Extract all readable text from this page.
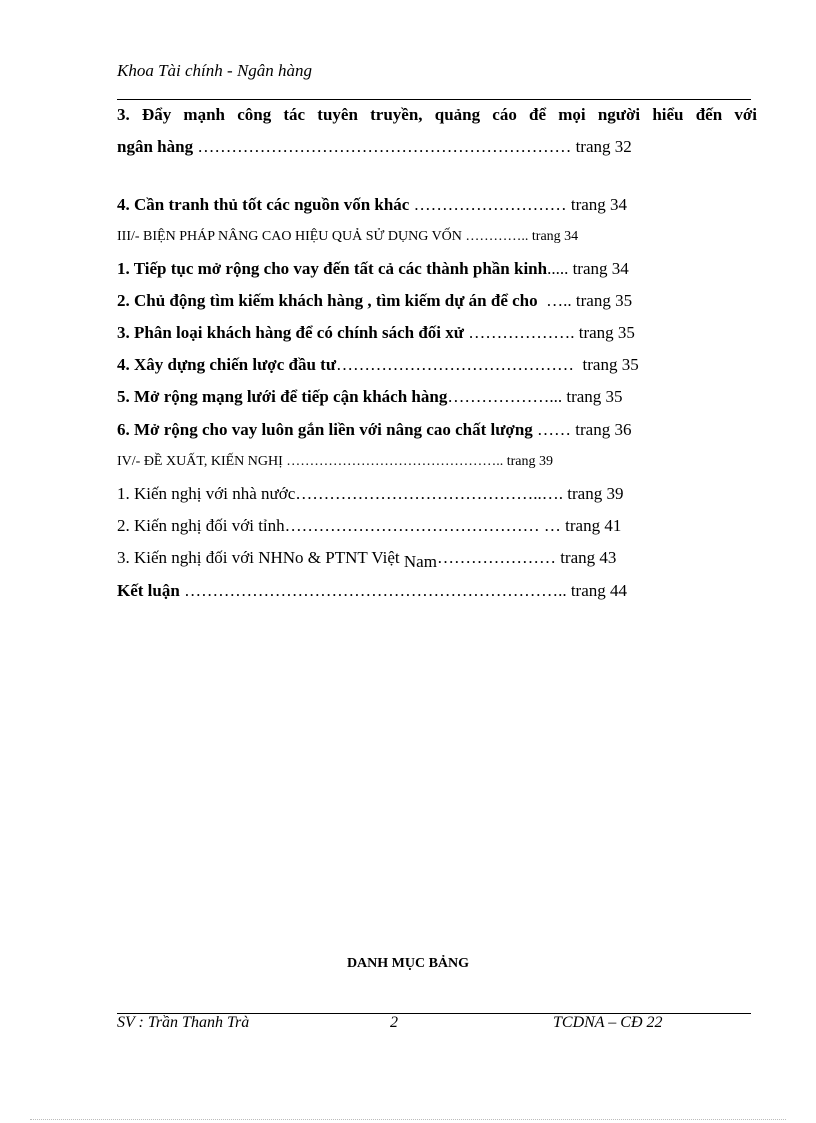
Khoa Tài chính - Ngân hàng
3. Đẩy mạnh công tác tuyên truyền, quảng cáo để mọi người hiểu đến với
ngân hàng ………………………………………………………… trang 32
4. Cần tranh thủ tốt các nguồn vốn khác ……………………… trang 34
III/- BIỆN PHÁP NÂNG CAO HIỆU QUẢ SỬ DỤNG VỐN ………….. trang 34
1. Tiếp tục mở rộng cho vay đến tất cả các thành phần kinh..... trang 34
2. Chủ động tìm kiếm khách hàng , tìm kiếm dự án để cho  ….. trang 35
3. Phân loại khách hàng để có chính sách đối xử ………………. trang 35
4. Xây dựng chiến lược đầu tư……………………………………  trang 35
5. Mở rộng mạng lưới để tiếp cận khách hàng………………... trang 35
6. Mở rộng cho vay luôn gắn liền với nâng cao chất lượng …… trang 36
IV/- ĐỀ XUẤT, KIẾN NGHỊ ……………………………………….. trang 39
1. Kiến nghị với nhà nước……………………………………..…. trang 39
2. Kiến nghị đối với tỉnh……………………………………… … trang 41
3. Kiến nghị đối với NHNo & PTNT Việt Nam………………… trang 43
Kết luận ………………………………………………………….. trang 44
DANH MỤC BẢNG
SV : Trần Thanh Trà	2	TCDNA – CĐ 22
